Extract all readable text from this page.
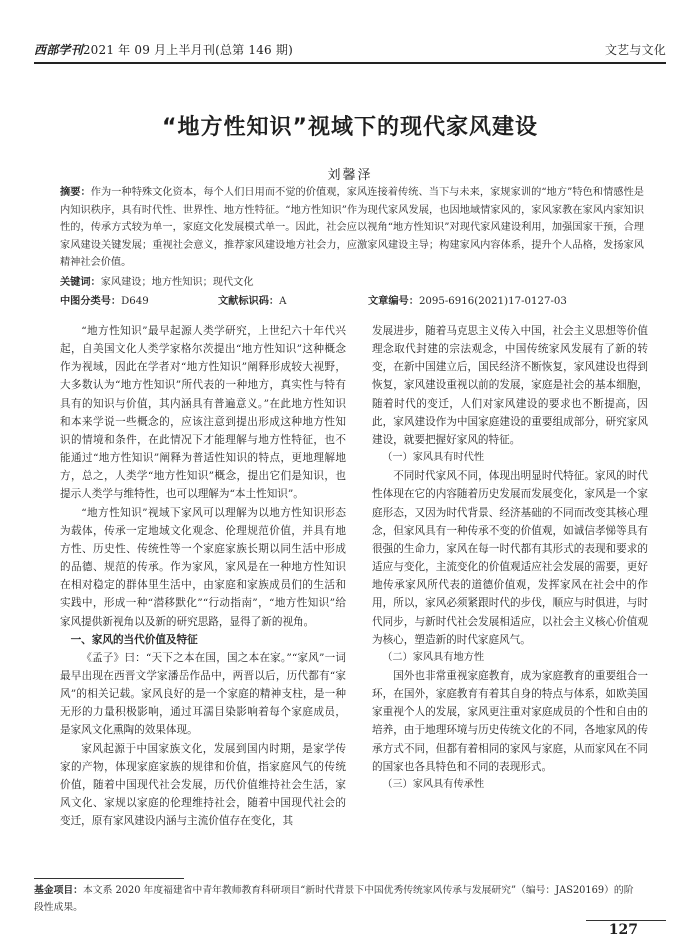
西部学刊2021 年 09 月上半月刊(总第 146 期)	文艺与文化
“地方性知识”视域下的现代家风建设
刘馨泽
摘要：作为一种特殊文化资本，每个人们日用而不觉的价值观，家风连接着传统、当下与未来，家规家训的“地方”特色和情感性是内知识秩序，具有时代性、世界性、地方性特征。“地方性知识”作为现代家风发展，也因地域情家风的，家风家教在家风内家知识性的，传承方式较为单一，家庭文化发展模式单一。因此，社会应以视角“地方性知识”对现代家风建设利用，加强国家干预，合理家风建设关键发展；重视社会意义，推荐家风建设地方社会力，应激家风建设主导；构建家风内容体系，提升个人品格，发扬家风精神社会价值。
关键词：家风建设；地方性知识；现代文化
中图分类号：D649	文献标识码：A	文章编号：2095-6916(2021)17-0127-03

“地方性知识”最早起源人类学研究，上世纪六十年代兴起，自美国文化人类学家格尔茨提出“地方性知识”这种概念作为视域，因此在学者对“地方性知识”阐释形成较大视野，大多数认为“地方性知识”所代表的一种地方，真实性与特有具有的知识与价值，其内涵具有普遍意义。”在此地方性知识和本来学说一些概念的，应该注意到提出形成这种地方性知识的情境和条件，在此情况下才能理解与地方性特征，也不能通过“地方性知识”阐释为普适性知识的特点，更地理解地方，总之，人类学“地方性知识”概念，提出它们是知识，也提示人类学与维特性，也可以理解为“本土性知识”。

“地方性知识”视域下家风可以理解为以地方性知识形态为载体，传承一定地域文化观念、伦理规范价值，并具有地方性、历史性、传统性等一个家庭家族长期以同生活中形成的品德、规范的传承。作为家风，家风是在一种地方性知识在相对稳定的群体里生活中，由家庭和家族成员们的生活和实践中，形成一种“潜移默化”“行动指南”，“地方性知识”给家风提供新视角以及新的研究思路，显得了新的视角。

一、家风的当代价值及特征

《孟子》曰：“天下之本在国，国之本在家。”“家风”一词最早出现在西晋文学家潘岳作品中，两晋以后，历代都有“家风”的相关记载。家风良好的是一个家庭的精神支柱，是一种无形的力量积极影响，通过耳濡目染影响着每个家庭成员，是家风文化熏陶的效果体现。

家风起源于中国家族文化，发展到国内时期，是家学传家的产物，体现家庭家族的规律和价值，指家庭风气的传统价值，随着中国现代社会发展，历代价值维持社会生活，家风文化、家规以家庭的伦理维持社会，随着中国现代社会的变迁，原有家风建设内涵与主流价值存在变化，其

发展进步，随着马克思主义传入中国，社会主义思想等价值理念取代封建的宗法观念，中国传统家风发展有了新的转变，在新中国建立后，国民经济不断恢复，家风建设也得到恢复，家风建设重视以前的发展，家庭是社会的基本细胞，随着时代的变迁，人们对家风建设的要求也不断提高，因此，家风建设作为中国家庭建设的重要组成部分，研究家风建设，就要把握好家风的特征。

（一）家风具有时代性

不同时代家风不同，体现出明显时代特征。家风的时代性体现在它的内容随着历史发展而发展变化，家风是一个家庭形态，又因为时代背景、经济基础的不同而改变其核心理念，但家风具有一种传承不变的价值观，如诚信孝悌等具有很强的生命力，家风在每一时代都有其形式的表现和要求的适应与变化，主流变化的价值观适应社会发展的需要，更好地传承家风所代表的道德价值观，发挥家风在社会中的作用，所以，家风必须紧跟时代的步伐，顺应与时俱进，与时代同步，与新时代社会发展相适应，以社会主义核心价值观为核心，塑造新的时代家庭风气。

（二）家风具有地方性

国外也非常重视家庭教育，成为家庭教育的重要组合一环，在国外，家庭教育有着其自身的特点与体系，如欧美国家重视个人的发展，家风更注重对家庭成员的个性和自由的培养，由于地理环境与历史传统文化的不同，各地家风的传承方式不同，但都有着相同的家风与家庭，从而家风在不同的国家也各具特色和不同的表现形式。

（三）家风具有传承性
基金项目：本文系 2020 年度福建省中青年教师教育科研项目“新时代背景下中国优秀传统家风传承与发展研究”（编号：JAS20169）的阶段性成果。
127
